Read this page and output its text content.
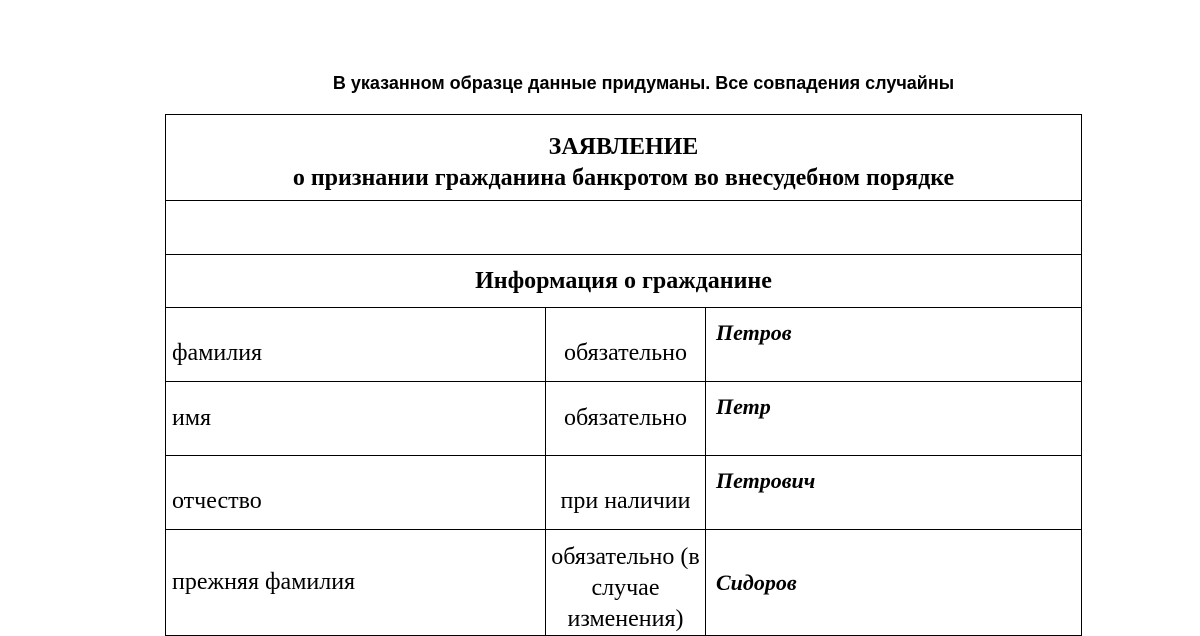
В указанном образце данные придуманы. Все совпадения случайны
ЗАЯВЛЕНИЕ
о признании гражданина банкротом во внесудебном порядке		

Информация о гражданине		
фамилия	обязательно	Петров
имя	обязательно	Петр
отчество	при наличии	Петрович
прежняя фамилия	обязательно (в случае изменения)	Сидоров
